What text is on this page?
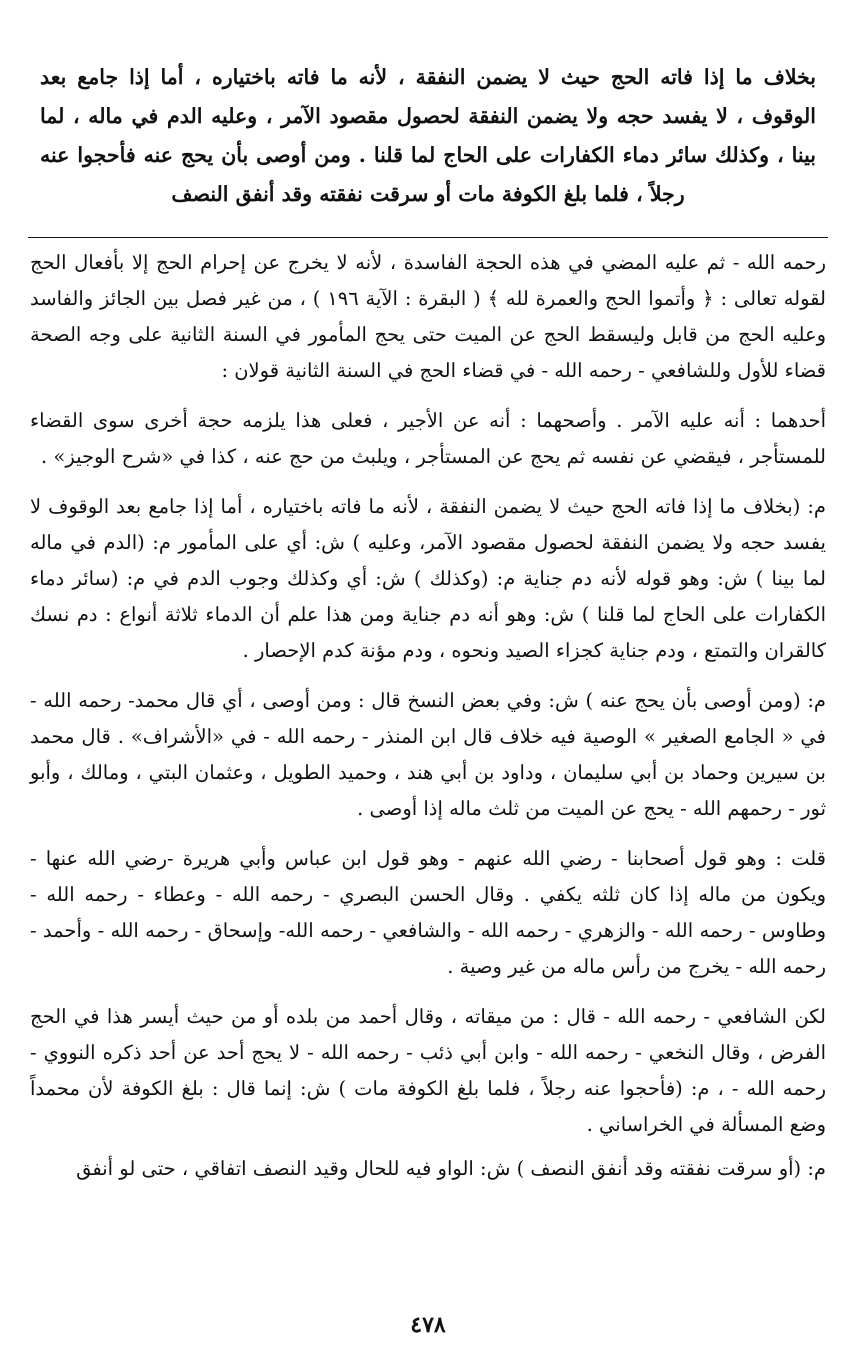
بخلاف ما إذا فاته الحج حيث لا يضمن النفقة ، لأنه ما فاته باختياره ، أما إذا جامع بعد الوقوف ، لا يفسد حجه ولا يضمن النفقة لحصول مقصود الآمر ، وعليه الدم في ماله ، لما بينا ، وكذلك سائر دماء الكفارات على الحاج لما قلنا . ومن أوصى بأن يحج عنه فأحجوا عنه رجلاً ، فلما بلغ الكوفة مات أو سرقت نفقته وقد أنفق النصف

رحمه الله - ثم عليه المضي في هذه الحجة الفاسدة ، لأنه لا يخرج عن إحرام الحج إلا بأفعال الحج لقوله تعالى : ﴿ وأتموا الحج والعمرة لله ﴾ ( البقرة : الآية ١٩٦ ) ، من غير فصل بين الجائز والفاسد وعليه الحج من قابل وليسقط الحج عن الميت حتى يحج المأمور في السنة الثانية على وجه الصحة قضاء للأول وللشافعي - رحمه الله - في قضاء الحج في السنة الثانية قولان :

أحدهما : أنه عليه الآمر . وأصحهما : أنه عن الأجير ، فعلى هذا يلزمه حجة أخرى سوى القضاء للمستأجر ، فيقضي عن نفسه ثم يحج عن المستأجر ، ويلبث من حج عنه ، كذا في «شرح الوجيز» .

م: (بخلاف ما إذا فاته الحج حيث لا يضمن النفقة ، لأنه ما فاته باختياره ، أما إذا جامع بعد الوقوف لا يفسد حجه ولا يضمن النفقة لحصول مقصود الآمر، وعليه ) ش: أي على المأمور م: (الدم في ماله لما بينا ) ش: وهو قوله لأنه دم جناية م: (وكذلك ) ش: أي وكذلك وجوب الدم في م: (سائر دماء الكفارات على الحاج لما قلنا ) ش: وهو أنه دم جناية ومن هذا علم أن الدماء ثلاثة أنواع : دم نسك كالقران والتمتع ، ودم جناية كجزاء الصيد ونحوه ، ودم مؤنة كدم الإحصار .

م: (ومن أوصى بأن يحج عنه ) ش: وفي بعض النسخ قال : ومن أوصى ، أي قال محمد- رحمه الله - في « الجامع الصغير » الوصية فيه خلاف قال ابن المنذر - رحمه الله - في «الأشراف» . قال محمد بن سيرين وحماد بن أبي سليمان ، وداود بن أبي هند ، وحميد الطويل ، وعثمان البتي ، ومالك ، وأبو ثور - رحمهم الله - يحج عن الميت من ثلث ماله إذا أوصى .

قلت : وهو قول أصحابنا - رضي الله عنهم - وهو قول ابن عباس وأبي هريرة -رضي الله عنها - ويكون من ماله إذا كان ثلثه يكفي . وقال الحسن البصري - رحمه الله - وعطاء - رحمه الله - وطاوس - رحمه الله - والزهري - رحمه الله - والشافعي - رحمه الله- وإسحاق - رحمه الله - وأحمد - رحمه الله - يخرج من رأس ماله من غير وصية .

لكن الشافعي - رحمه الله - قال : من ميقاته ، وقال أحمد من بلده أو من حيث أيسر هذا في الحج الفرض ، وقال النخعي - رحمه الله - وابن أبي ذئب - رحمه الله - لا يحج أحد عن أحد ذكره النووي - رحمه الله - ، م: (فأحجوا عنه رجلاً ، فلما بلغ الكوفة مات ) ش: إنما قال : بلغ الكوفة لأن محمداً وضع المسألة في الخراساني .

م: (أو سرقت نفقته وقد أنفق النصف ) ش: الواو فيه للحال وقيد النصف اتفاقي ، حتى لو أنفق

٤٧٨
